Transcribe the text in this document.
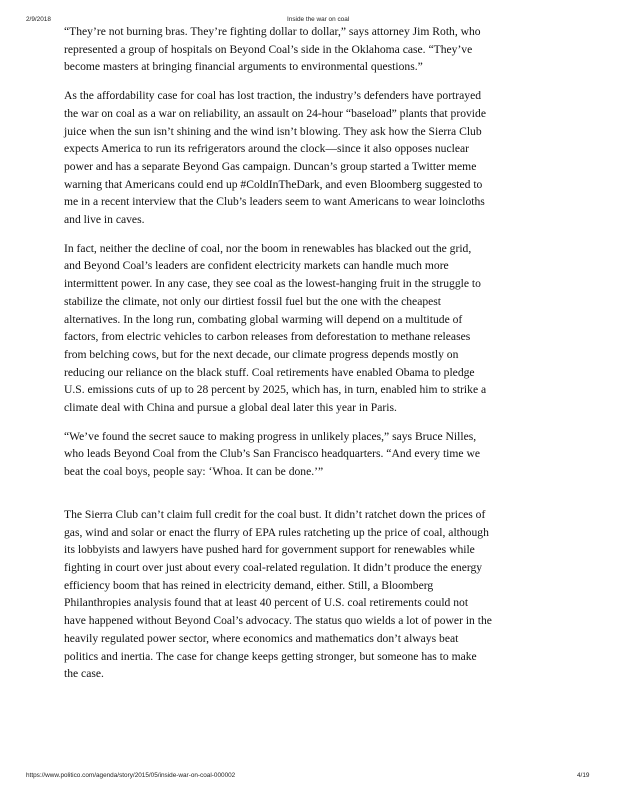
2/9/2018	Inside the war on coal

“They’re not burning bras. They’re fighting dollar to dollar,” says attorney Jim Roth, who
represented a group of hospitals on Beyond Coal’s side in the Oklahoma case. “They’ve
become masters at bringing financial arguments to environmental questions.”

As the affordability case for coal has lost traction, the industry’s defenders have portrayed
the war on coal as a war on reliability, an assault on 24-hour “baseload” plants that provide
juice when the sun isn’t shining and the wind isn’t blowing. They ask how the Sierra Club
expects America to run its refrigerators around the clock—since it also opposes nuclear
power and has a separate Beyond Gas campaign. Duncan’s group started a Twitter meme
warning that Americans could end up #ColdInTheDark, and even Bloomberg suggested to
me in a recent interview that the Club’s leaders seem to want Americans to wear loincloths
and live in caves.

In fact, neither the decline of coal, nor the boom in renewables has blacked out the grid,
and Beyond Coal’s leaders are confident electricity markets can handle much more
intermittent power. In any case, they see coal as the lowest-hanging fruit in the struggle to
stabilize the climate, not only our dirtiest fossil fuel but the one with the cheapest
alternatives. In the long run, combating global warming will depend on a multitude of
factors, from electric vehicles to carbon releases from deforestation to methane releases
from belching cows, but for the next decade, our climate progress depends mostly on
reducing our reliance on the black stuff. Coal retirements have enabled Obama to pledge
U.S. emissions cuts of up to 28 percent by 2025, which has, in turn, enabled him to strike a
climate deal with China and pursue a global deal later this year in Paris.

“We’ve found the secret sauce to making progress in unlikely places,” says Bruce Nilles,
who leads Beyond Coal from the Club’s San Francisco headquarters. “And every time we
beat the coal boys, people say: ‘Whoa. It can be done.’”

The Sierra Club can’t claim full credit for the coal bust. It didn’t ratchet down the prices of
gas, wind and solar or enact the flurry of EPA rules ratcheting up the price of coal, although
its lobbyists and lawyers have pushed hard for government support for renewables while
fighting in court over just about every coal-related regulation. It didn’t produce the energy
efficiency boom that has reined in electricity demand, either. Still, a Bloomberg
Philanthropies analysis found that at least 40 percent of U.S. coal retirements could not
have happened without Beyond Coal’s advocacy. The status quo wields a lot of power in the
heavily regulated power sector, where economics and mathematics don’t always beat
politics and inertia. The case for change keeps getting stronger, but someone has to make
the case.

https://www.politico.com/agenda/story/2015/05/inside-war-on-coal-000002	4/19
